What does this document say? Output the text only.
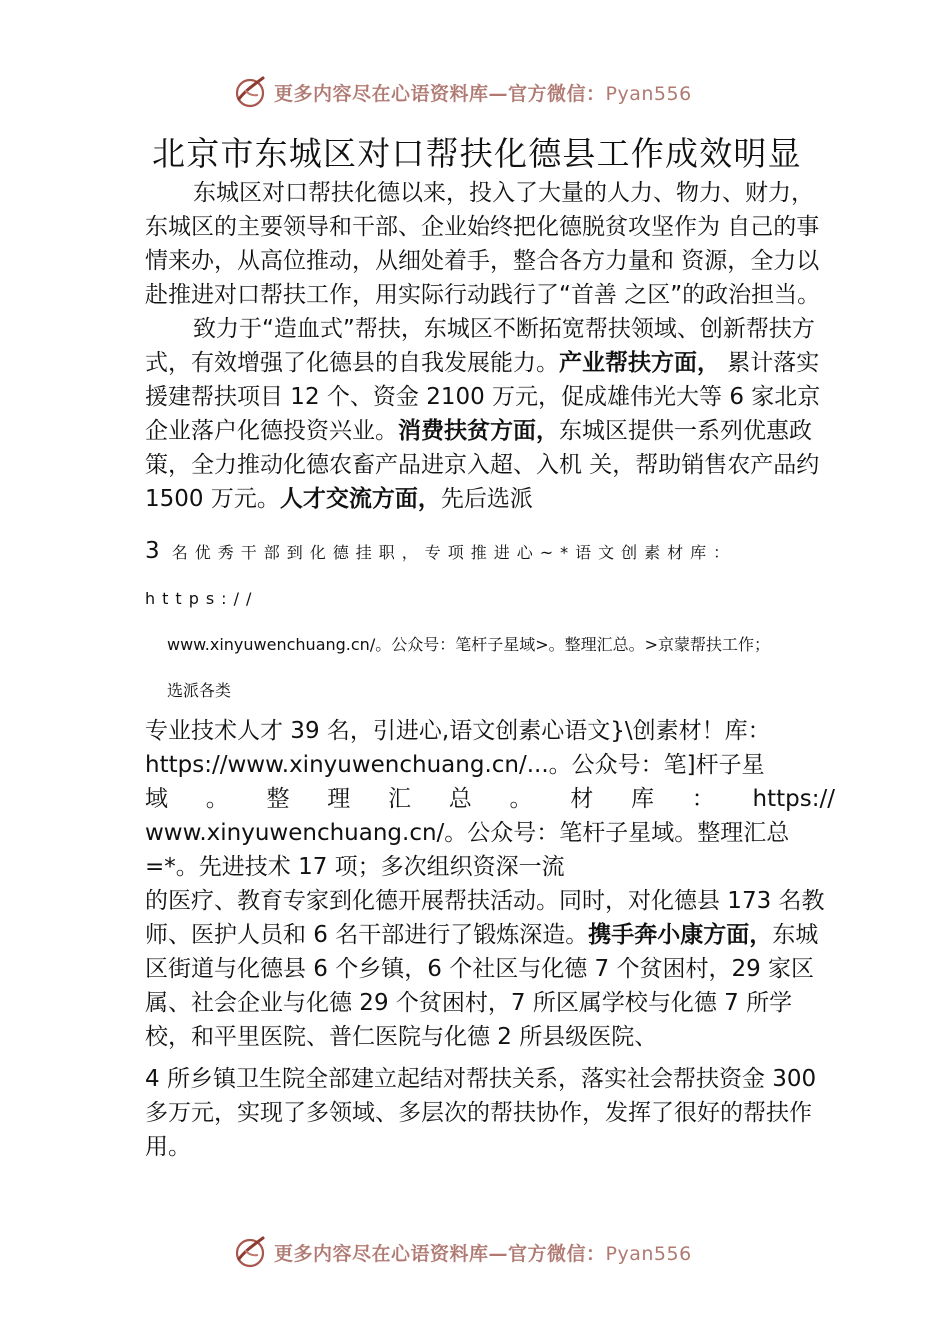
更多内容尽在心语资料库—官方微信：Pyan556
北京市东城区对口帮扶化德县工作成效明显

东城区对口帮扶化德以来，投入了大量的人力、物力、财力，东城区的主要领导和干部、企业始终把化德脱贫攻坚作为 自己的事情来办，从高位推动，从细处着手，整合各方力量和 资源，全力以赴推进对口帮扶工作，用实际行动践行了“首善 之区”的政治担当。

致力于“造血式”帮扶，东城区不断拓宽帮扶领域、创新帮扶方式，有效增强了化德县的自我发展能力。产业帮扶方面， 累计落实援建帮扶项目 12 个、资金 2100 万元，促成雄伟光大等 6 家北京企业落户化德投资兴业。消费扶贫方面，东城区提供一系列优惠政策，全力推动化德农畜产品进京入超、入机 关，帮助销售农产品约 1500 万元。人才交流方面，先后选派

3 名优秀干部到化德挂职，专项推进心~*语文创素材库：https://
www.xinyuwenchuang.cn/。公众号：笔杆子星域>。整理汇总。>京蒙帮扶工作；
选派各类

专业技术人才 39 名，引进心,语文创素心语文}\创素材！库：https://www.xinyuwenchuang.cn/...。公众号：笔]杆子星

域 。 整 理 汇 总 。 材 库 ： https://

www.xinyuwenchuang.cn/。公众号：笔杆子星域。整理汇总=*。先进技术 17 项；多次组织资深一流

的医疗、教育专家到化德开展帮扶活动。同时，对化德县 173 名教师、医护人员和 6 名干部进行了锻炼深造。携手奔小康方面，东城区街道与化德县 6 个乡镇，6 个社区与化德 7 个贫困村，29 家区属、社会企业与化德 29 个贫困村，7 所区属学校与化德 7 所学校，和平里医院、普仁医院与化德 2 所县级医院、

4 所乡镇卫生院全部建立起结对帮扶关系，落实社会帮扶资金 300 多万元，实现了多领域、多层次的帮扶协作，发挥了很好的帮扶作用。

更多内容尽在心语资料库—官方微信：Pyan556
